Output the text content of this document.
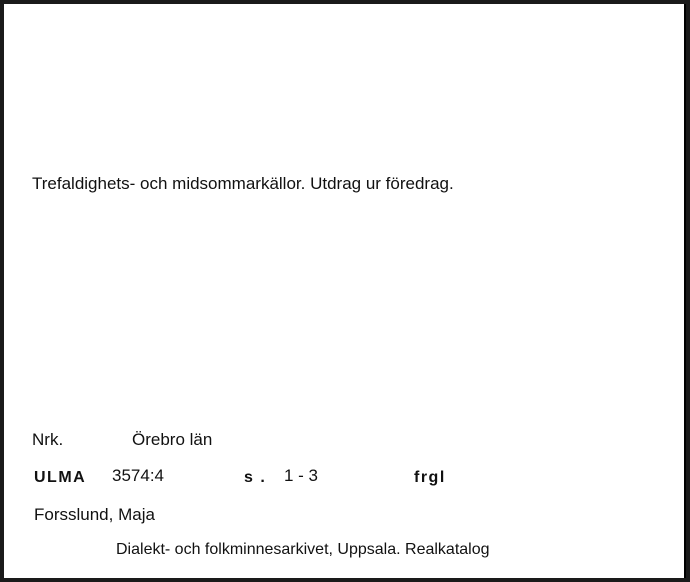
Trefaldighets- och midsommarkällor. Utdrag ur föredrag.
Nrk.	Örebro län
ULMA 3574:4	s . 1 - 3	frgl
Forsslund, Maja
Dialekt- och folkminnesarkivet, Uppsala. Realkatalog
